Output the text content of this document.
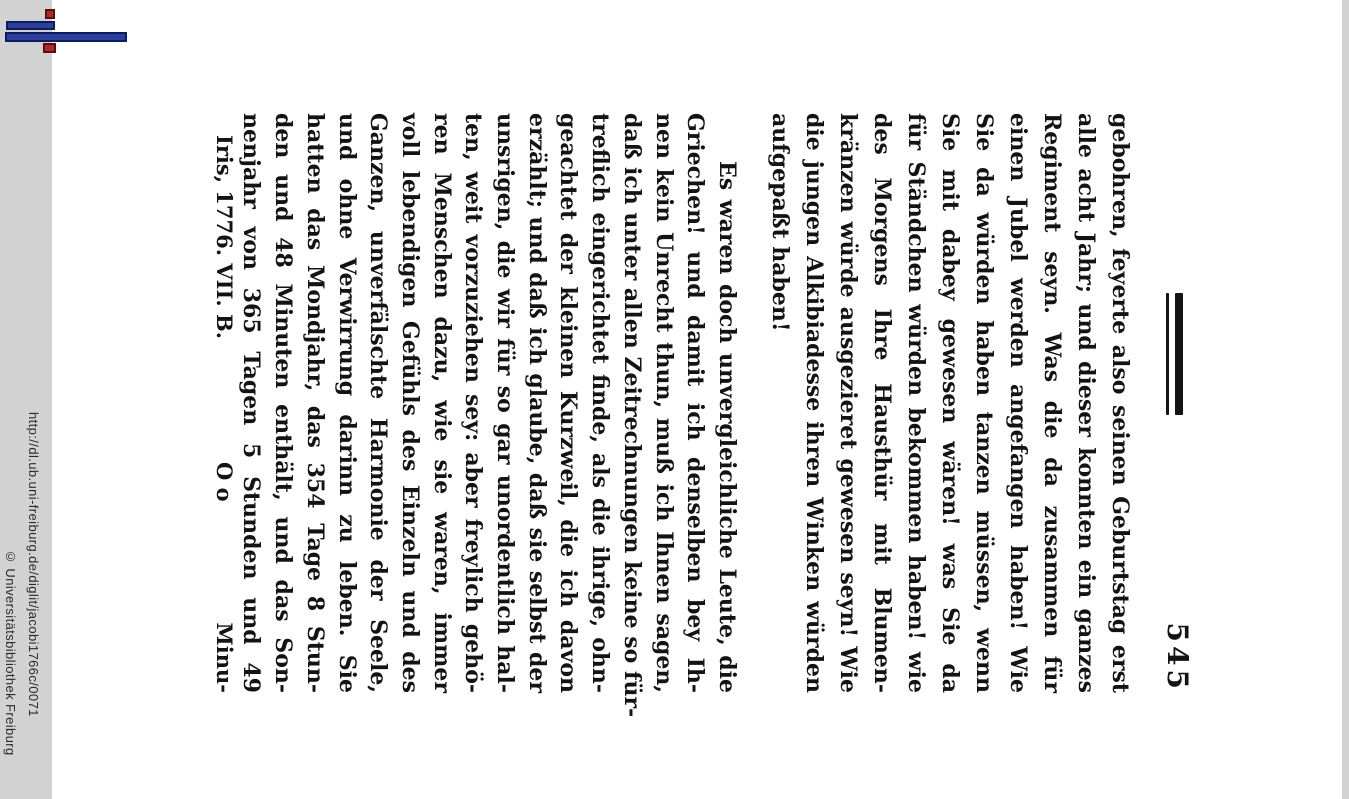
http://dl.ub.uni-freiburg.de/diglit/jacobi1766c/0071
© Universitätsbibliothek Freiburg	545
gebohren, feyerte also seinen Geburtstag erst
alle acht Jahr; und dieser konnten ein ganzes
Regiment seyn. Was die da zusammen für
einen Jubel werden angefangen haben! Wie
Sie da würden haben tanzen müssen, wenn
Sie mit dabey gewesen wären! was Sie da
für Ständchen würden bekommen haben! wie
des Morgens Ihre Hausthür mit Blumen-
kränzen würde ausgezieret gewesen seyn! Wie
die jungen Alkibiadesse ihren Winken würden
aufgepaßt haben!
Es waren doch unvergleichliche Leute, die
Griechen! und damit ich denselben bey Ih-
nen kein Unrecht thun, muß ich Ihnen sagen,
daß ich unter allen Zeitrechnungen keine so für-
treflich eingerichtet finde, als die ihrige, ohn-
geachtet der kleinen Kurzweil, die ich davon
erzählt; und daß ich glaube, daß sie selbst der
unsrigen, die wir für so gar unordentlich hal-
ten, weit vorzuziehen sey: aber freylich gehö-
ren Menschen dazu, wie sie waren, immer
voll lebendigen Gefühls des Einzeln und des
Ganzen, unverfälschte Harmonie der Seele,
und ohne Verwirrung darinn zu leben. Sie
hatten das Mondjahr, das 354 Tage 8 Stun-
den und 48 Minuten enthält, und das Son-
nenjahr von 365 Tagen 5 Stunden und 49
Iris, 1776. VII. B.
O o
Minu-
